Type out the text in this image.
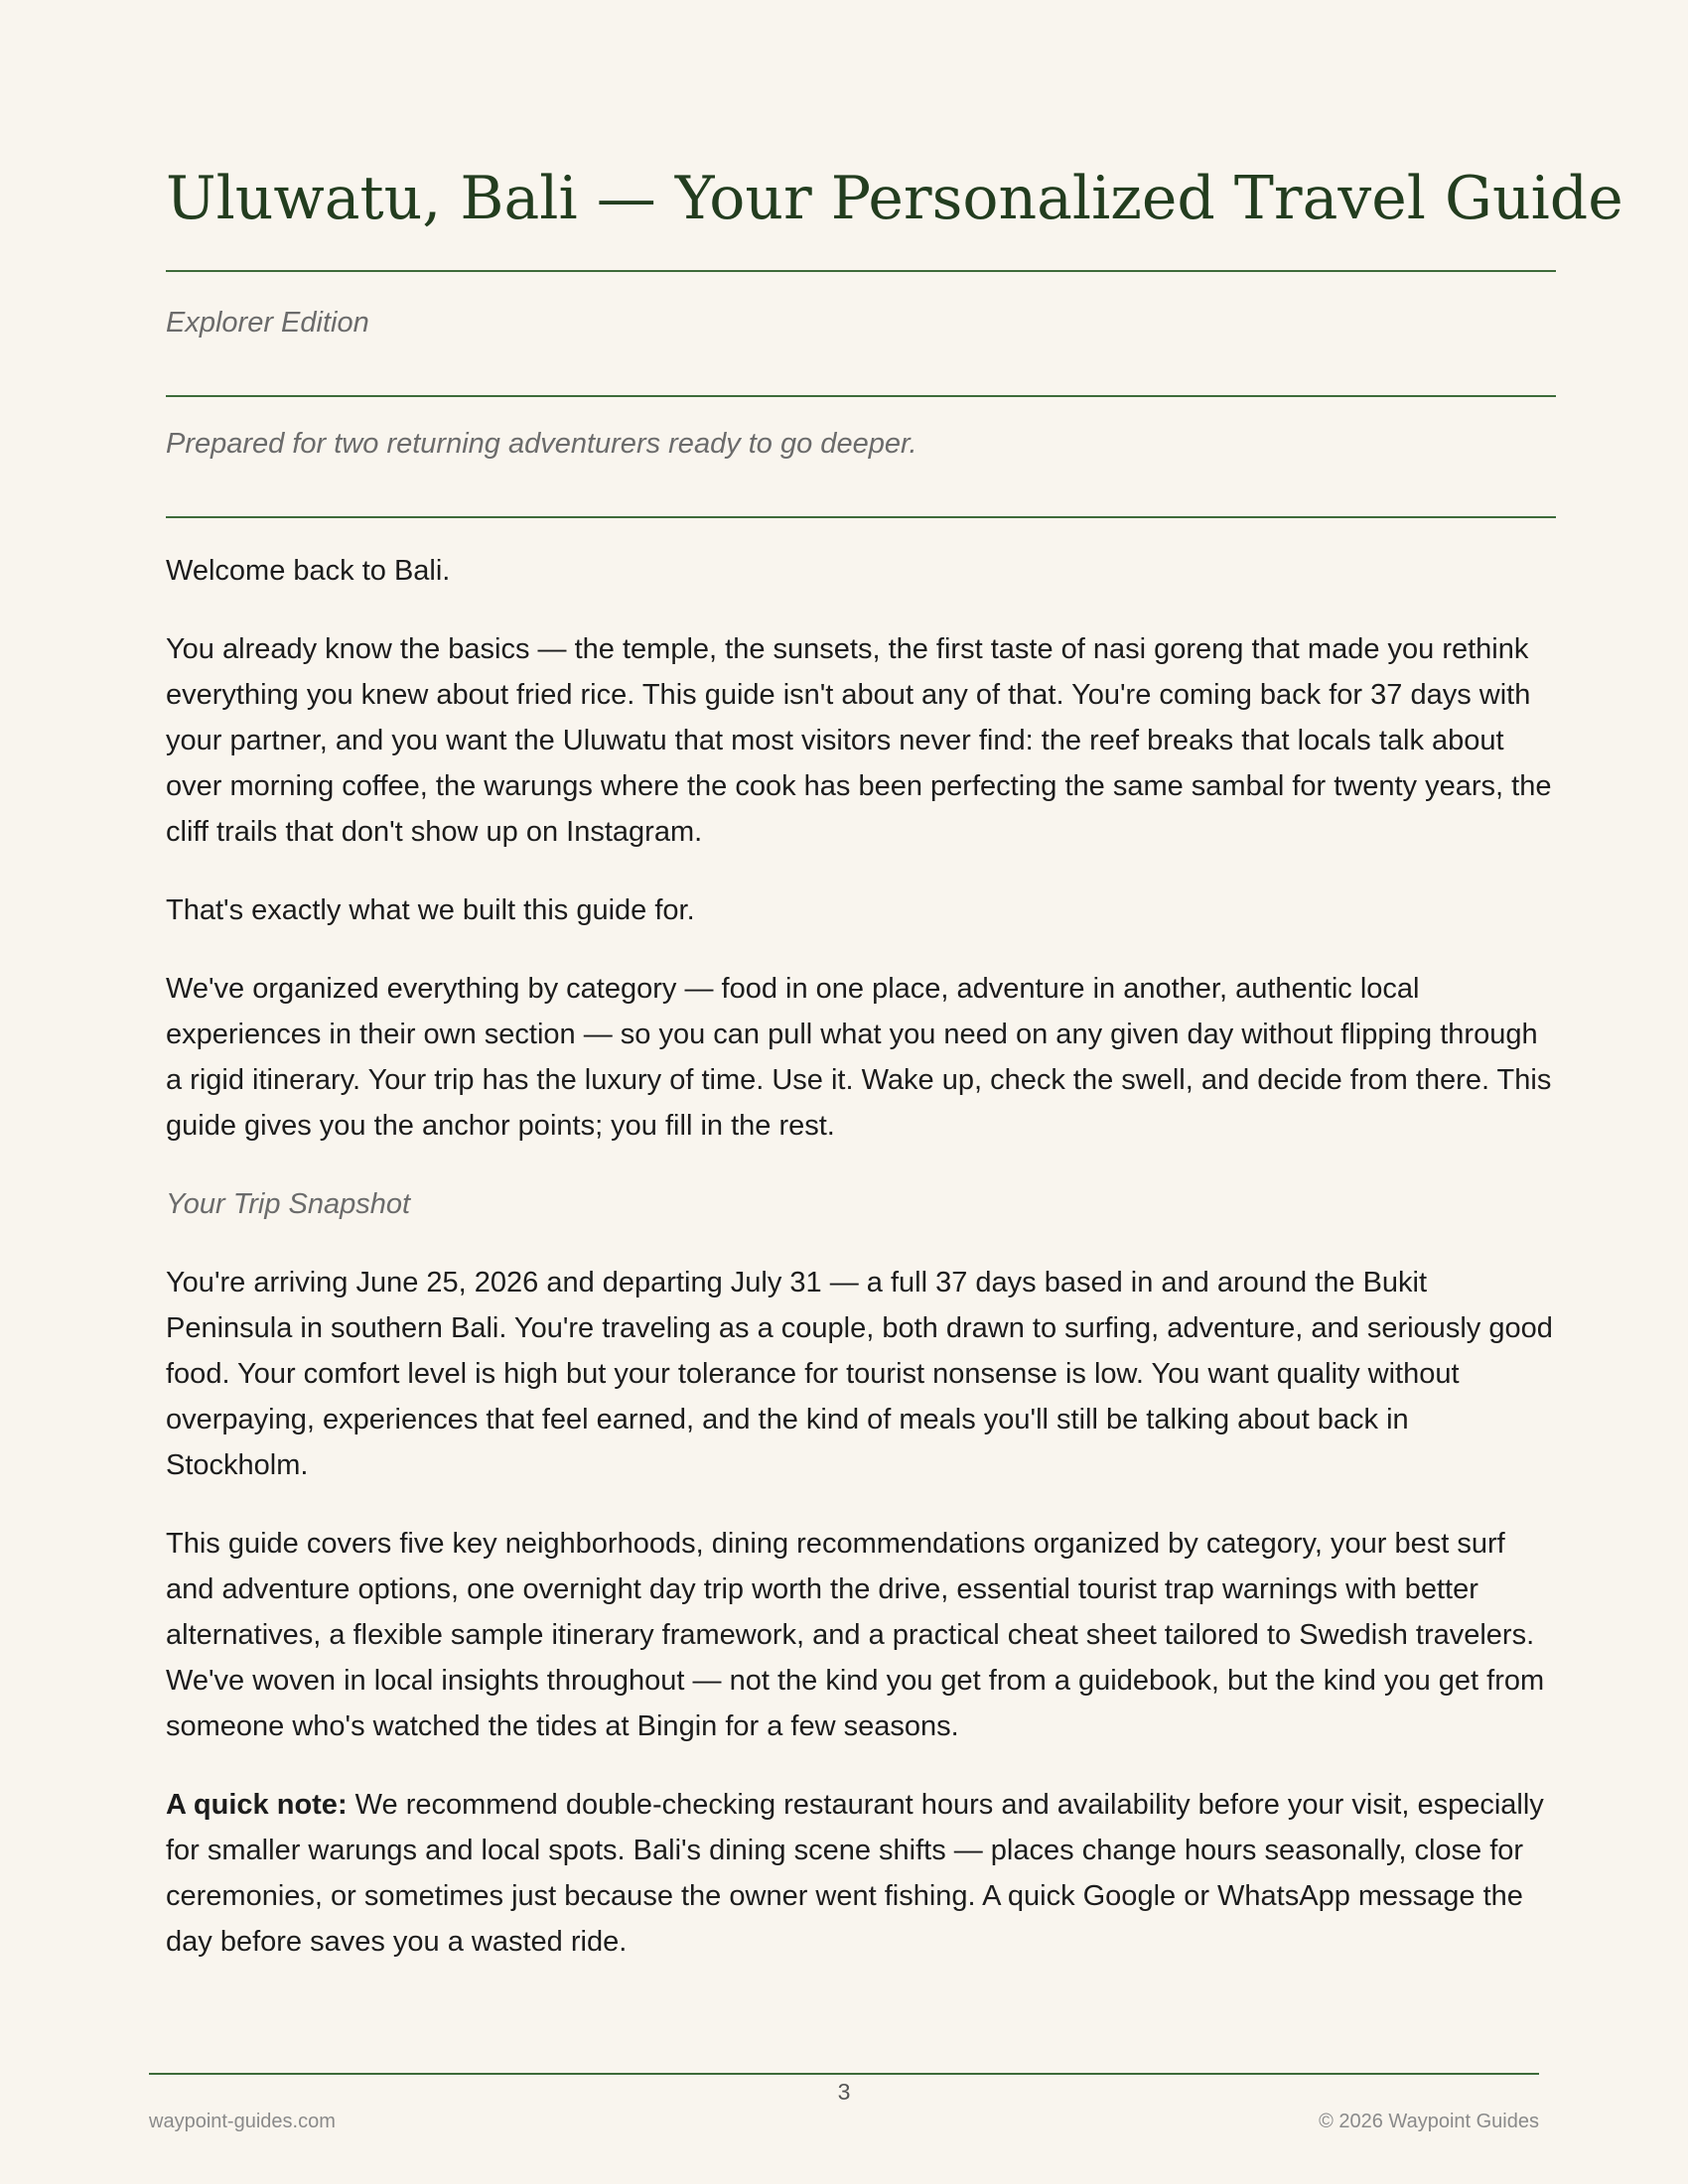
Uluwatu, Bali — Your Personalized Travel Guide

Explorer Edition

Prepared for two returning adventurers ready to go deeper.

Welcome back to Bali.

You already know the basics — the temple, the sunsets, the first taste of nasi goreng that made you rethink everything you knew about fried rice. This guide isn't about any of that. You're coming back for 37 days with your partner, and you want the Uluwatu that most visitors never find: the reef breaks that locals talk about over morning coffee, the warungs where the cook has been perfecting the same sambal for twenty years, the cliff trails that don't show up on Instagram.

That's exactly what we built this guide for.

We've organized everything by category — food in one place, adventure in another, authentic local experiences in their own section — so you can pull what you need on any given day without flipping through a rigid itinerary. Your trip has the luxury of time. Use it. Wake up, check the swell, and decide from there. This guide gives you the anchor points; you fill in the rest.

Your Trip Snapshot

You're arriving June 25, 2026 and departing July 31 — a full 37 days based in and around the Bukit Peninsula in southern Bali. You're traveling as a couple, both drawn to surfing, adventure, and seriously good food. Your comfort level is high but your tolerance for tourist nonsense is low. You want quality without overpaying, experiences that feel earned, and the kind of meals you'll still be talking about back in Stockholm.

This guide covers five key neighborhoods, dining recommendations organized by category, your best surf and adventure options, one overnight day trip worth the drive, essential tourist trap warnings with better alternatives, a flexible sample itinerary framework, and a practical cheat sheet tailored to Swedish travelers. We've woven in local insights throughout — not the kind you get from a guidebook, but the kind you get from someone who's watched the tides at Bingin for a few seasons.

A quick note: We recommend double-checking restaurant hours and availability before your visit, especially for smaller warungs and local spots. Bali's dining scene shifts — places change hours seasonally, close for ceremonies, or sometimes just because the owner went fishing. A quick Google or WhatsApp message the day before saves you a wasted ride.

3
waypoint-guides.com	© 2026 Waypoint Guides
